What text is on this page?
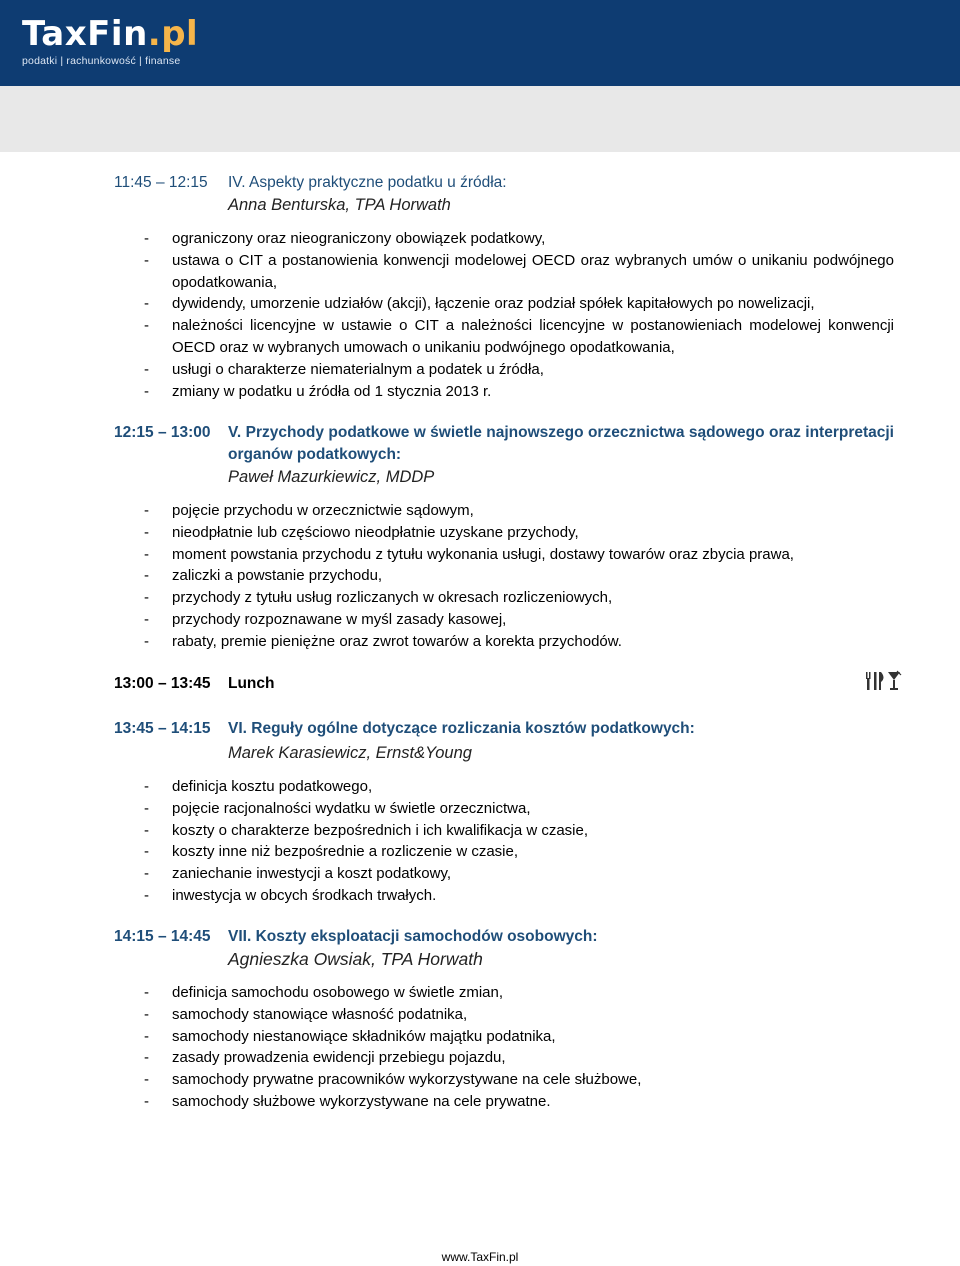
TaxFin.pl
podatki | rachunkowość | finanse
11:45 – 12:15 IV. Aspekty praktyczne podatku u źródła:
Anna Benturska, TPA Horwath
- ograniczony oraz nieograniczony obowiązek podatkowy,
- ustawa o CIT a postanowienia konwencji modelowej OECD oraz wybranych umów o unikaniu podwójnego opodatkowania,
- dywidendy, umorzenie udziałów (akcji), łączenie oraz podział spółek kapitałowych po nowelizacji,
- należności licencyjne w ustawie o CIT a należności licencyjne w postanowieniach modelowej konwencji OECD oraz w wybranych umowach o unikaniu podwójnego opodatkowania,
- usługi o charakterze niematerialnym a podatek u źródła,
- zmiany w podatku u źródła od 1 stycznia 2013 r.
12:15 – 13:00 V. Przychody podatkowe w świetle najnowszego orzecznictwa sądowego oraz interpretacji organów podatkowych:
Paweł Mazurkiewicz, MDDP
- pojęcie przychodu w orzecznictwie sądowym,
- nieodpłatnie lub częściowo nieodpłatnie uzyskane przychody,
- moment powstania przychodu z tytułu wykonania usługi, dostawy towarów oraz zbycia prawa,
- zaliczki a powstanie przychodu,
- przychody z tytułu usług rozliczanych w okresach rozliczeniowych,
- przychody rozpoznawane w myśl zasady kasowej,
- rabaty, premie pieniężne oraz zwrot towarów a korekta przychodów.
13:00 – 13:45 Lunch
13:45 – 14:15 VI. Reguły ogólne dotyczące rozliczania kosztów podatkowych:
Marek Karasiewicz, Ernst&Young
- definicja kosztu podatkowego,
- pojęcie racjonalności wydatku w świetle orzecznictwa,
- koszty o charakterze bezpośrednich i ich kwalifikacja w czasie,
- koszty inne niż bezpośrednie a rozliczenie w czasie,
- zaniechanie inwestycji a koszt podatkowy,
- inwestycja w obcych środkach trwałych.
14:15 – 14:45 VII. Koszty eksploatacji samochodów osobowych:
Agnieszka Owsiak, TPA Horwath
- definicja samochodu osobowego w świetle zmian,
- samochody stanowiące własność podatnika,
- samochody niestanowiące składników majątku podatnika,
- zasady prowadzenia ewidencji przebiegu pojazdu,
- samochody prywatne pracowników wykorzystywane na cele służbowe,
- samochody służbowe wykorzystywane na cele prywatne.
www.TaxFin.pl
